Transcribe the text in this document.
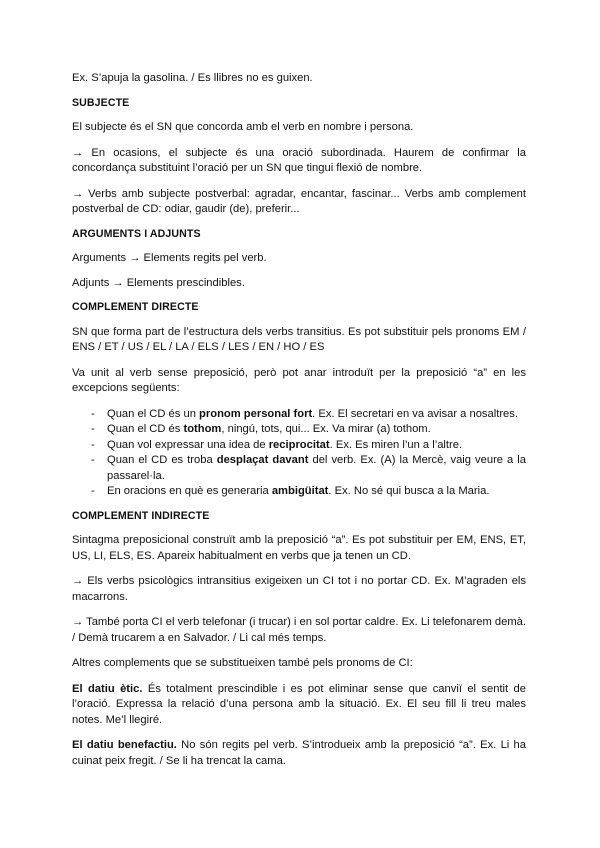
Ex. S’apuja la gasolina. / Es llibres no es guixen.

SUBJECTE

El subjecte és el SN que concorda amb el verb en nombre i persona.

→ En ocasions, el subjecte és una oració subordinada. Haurem de confirmar la concordança substituint l’oració per un SN que tingui flexió de nombre.

→ Verbs amb subjecte postverbal: agradar, encantar, fascinar... Verbs amb complement postverbal de CD: odiar, gaudir (de), preferir...

ARGUMENTS I ADJUNTS

Arguments → Elements regits pel verb.

Adjunts → Elements prescindibles.

COMPLEMENT DIRECTE

SN que forma part de l’estructura dels verbs transitius. Es pot substituir pels pronoms EM / ENS / ET / US / EL / LA / ELS / LES / EN / HO / ES

Va unit al verb sense preposició, però pot anar introduït per la preposició “a” en les excepcions següents:

- Quan el CD és un pronom personal fort. Ex. El secretari en va avisar a nosaltres.
- Quan el CD és tothom, ningú, tots, qui... Ex. Va mirar (a) tothom.
- Quan vol expressar una idea de reciprocitat. Ex. Es miren l’un a l’altre.
- Quan el CD es troba desplaçat davant del verb. Ex. (A) la Mercè, vaig veure a la passarel·la.
- En oracions en què es generaria ambigüitat. Ex. No sé qui busca a la Maria.

COMPLEMENT INDIRECTE

Sintagma preposicional construït amb la preposició “a”. Es pot substituir per EM, ENS, ET, US, LI, ELS, ES. Apareix habitualment en verbs que ja tenen un CD.

→ Els verbs psicològics intransitius exigeixen un CI tot i no portar CD. Ex. M’agraden els macarrons.

→ També porta CI el verb telefonar (i trucar) i en sol portar caldre. Ex. Li telefonarem demà. / Demà trucarem a en Salvador. / Li cal més temps.

Altres complements que se substitueixen també pels pronoms de CI:

El datiu ètic. És totalment prescindible i es pot eliminar sense que canviï el sentit de l’oració. Expressa la relació d’una persona amb la situació. Ex. El seu fill li treu males notes. Me’l llegiré.

El datiu benefactiu. No són regits pel verb. S’introdueix amb la preposició “a”. Ex. Li ha cuinat peix fregit. / Se li ha trencat la cama.
